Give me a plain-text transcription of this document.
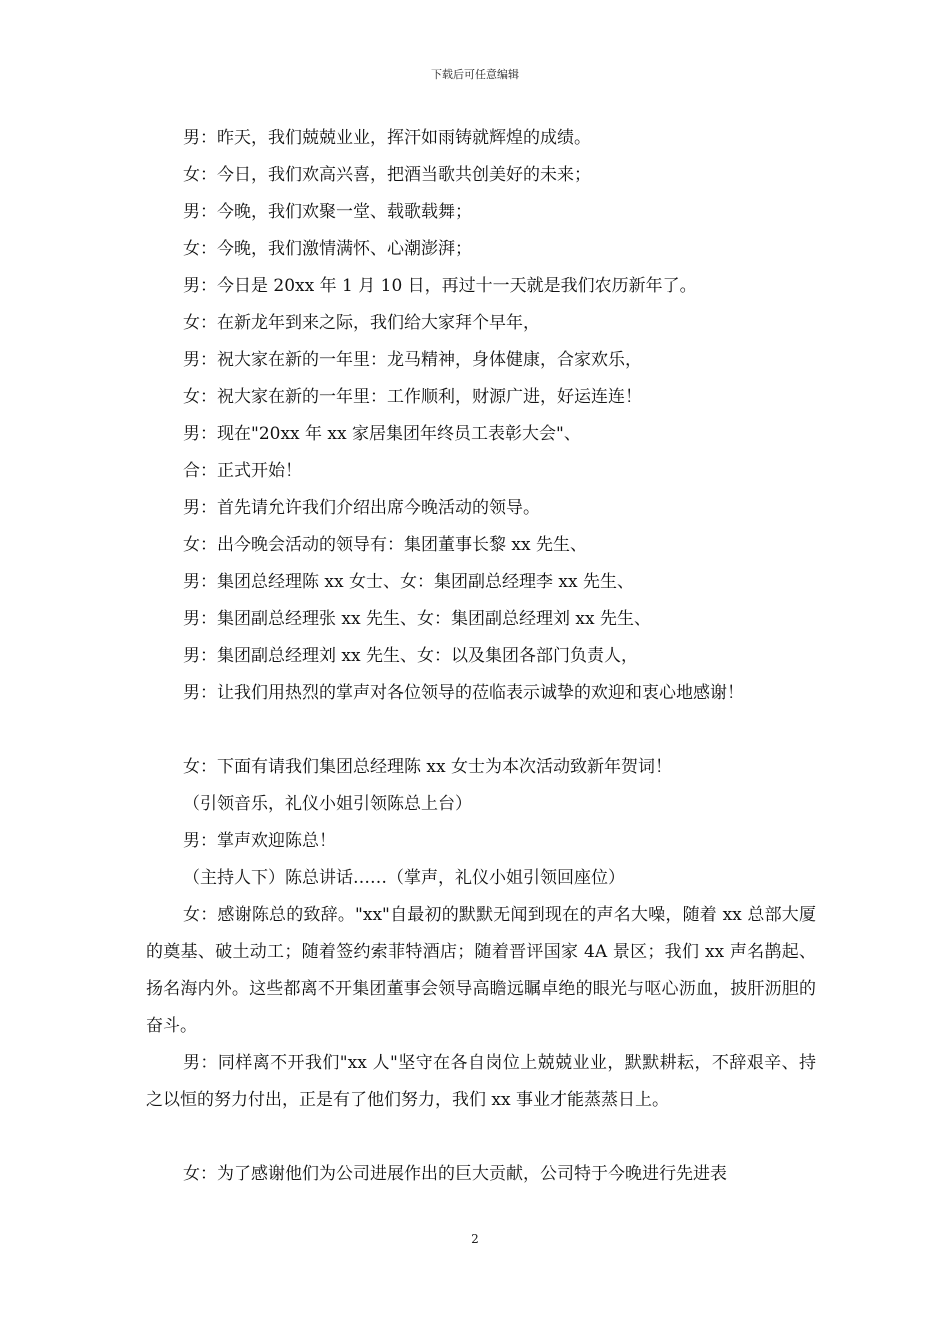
下载后可任意编辑
男：昨天，我们兢兢业业，挥汗如雨铸就辉煌的成绩。
女：今日，我们欢高兴喜，把酒当歌共创美好的未来；
男：今晚，我们欢聚一堂、载歌载舞；
女：今晚，我们激情满怀、心潮澎湃；
男：今日是 20xx 年 1 月 10 日，再过十一天就是我们农历新年了。
女：在新龙年到来之际，我们给大家拜个早年，
男：祝大家在新的一年里：龙马精神，身体健康，合家欢乐，
女：祝大家在新的一年里：工作顺利，财源广进，好运连连！
男：现在"20xx 年 xx 家居集团年终员工表彰大会"、
合：正式开始！
男：首先请允许我们介绍出席今晚活动的领导。
女：出今晚会活动的领导有：集团董事长黎 xx 先生、
男：集团总经理陈 xx 女士、女：集团副总经理李 xx 先生、
男：集团副总经理张 xx 先生、女：集团副总经理刘 xx 先生、
男：集团副总经理刘 xx 先生、女：以及集团各部门负责人，
男：让我们用热烈的掌声对各位领导的莅临表示诚挚的欢迎和衷心地感谢！
女：下面有请我们集团总经理陈 xx 女士为本次活动致新年贺词！
（引领音乐，礼仪小姐引领陈总上台）
男：掌声欢迎陈总！
（主持人下）陈总讲话……（掌声，礼仪小姐引领回座位）
女：感谢陈总的致辞。"xx"自最初的默默无闻到现在的声名大噪，随着 xx 总部大厦的奠基、破土动工；随着签约索菲特酒店；随着晋评国家 4A 景区；我们 xx 声名鹊起、扬名海内外。这些都离不开集团董事会领导高瞻远瞩卓绝的眼光与呕心沥血，披肝沥胆的奋斗。
男：同样离不开我们"xx 人"坚守在各自岗位上兢兢业业，默默耕耘，不辞艰辛、持之以恒的努力付出，正是有了他们努力，我们 xx 事业才能蒸蒸日上。
女：为了感谢他们为公司进展作出的巨大贡献，公司特于今晚进行先进表
2
